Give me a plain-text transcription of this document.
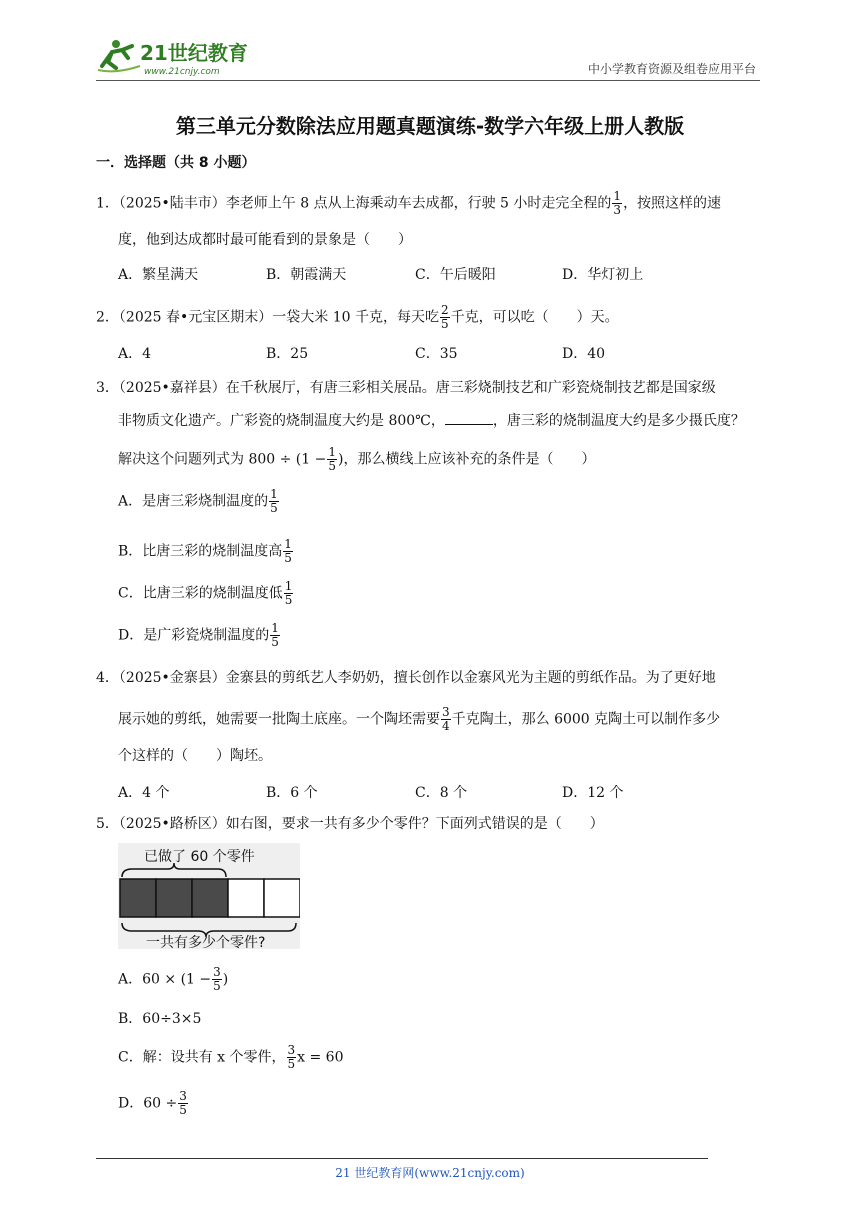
21世纪教育
www.21cnjy.com	中小学教育资源及组卷应用平台
第三单元分数除法应用题真题演练-数学六年级上册人教版
一．选择题（共 8 小题）
1．（2025•陆丰市）李老师上午 8 点从上海乘动车去成都，行驶 5 小时走完全程的 $\frac{1}{3}$ ，按照这样的速
度，他到达成都时最可能看到的景象是（　　）
A．繁星满天	B．朝霞满天	C．午后暖阳	D．华灯初上
2．（2025 春•元宝区期末）一袋大米 10 千克，每天吃 $\frac{2}{5}$ 千克，可以吃（　　）天。
A．4	B．25	C．35	D．40
3．（2025•嘉祥县）在千秋展厅，有唐三彩相关展品。唐三彩烧制技艺和广彩瓷烧制技艺都是国家级
非物质文化遗产。广彩瓷的烧制温度大约是 800℃，	，唐三彩的烧制温度大约是多少摄氏度？
解决这个问题列式为 $800 \div (1 - \frac{1}{5}$ )，那么横线上应该补充的条件是（　　）
A．是唐三彩烧制温度的 $\frac{1}{5}$
B．比唐三彩的烧制温度高 $\frac{1}{5}$
C．比唐三彩的烧制温度低 $\frac{1}{5}$
D．是广彩瓷烧制温度的 $\frac{1}{5}$
4．（2025•金寨县）金寨县的剪纸艺人李奶奶，擅长创作以金寨风光为主题的剪纸作品。为了更好地
展示她的剪纸，她需要一批陶土底座。一个陶坯需要 $\frac{3}{4}$ 千克陶土，那么 6000 克陶土可以制作多少
个这样的（　　）陶坯。
A．4 个	B．6 个	C．8 个	D．12 个
5．（2025•路桥区）如右图，要求一共有多少个零件？下面列式错误的是（　　）
已做了 60 个零件
一共有多少个零件?
A．$60 \times (1 - \frac{3}{5}$ )
B．60÷3×5
C．解：设共有 x 个零件， $\frac{3}{5}$ x = 60
D．$60 \div \frac{3}{5}$
21 世纪教育网(www.21cnjy.com)
